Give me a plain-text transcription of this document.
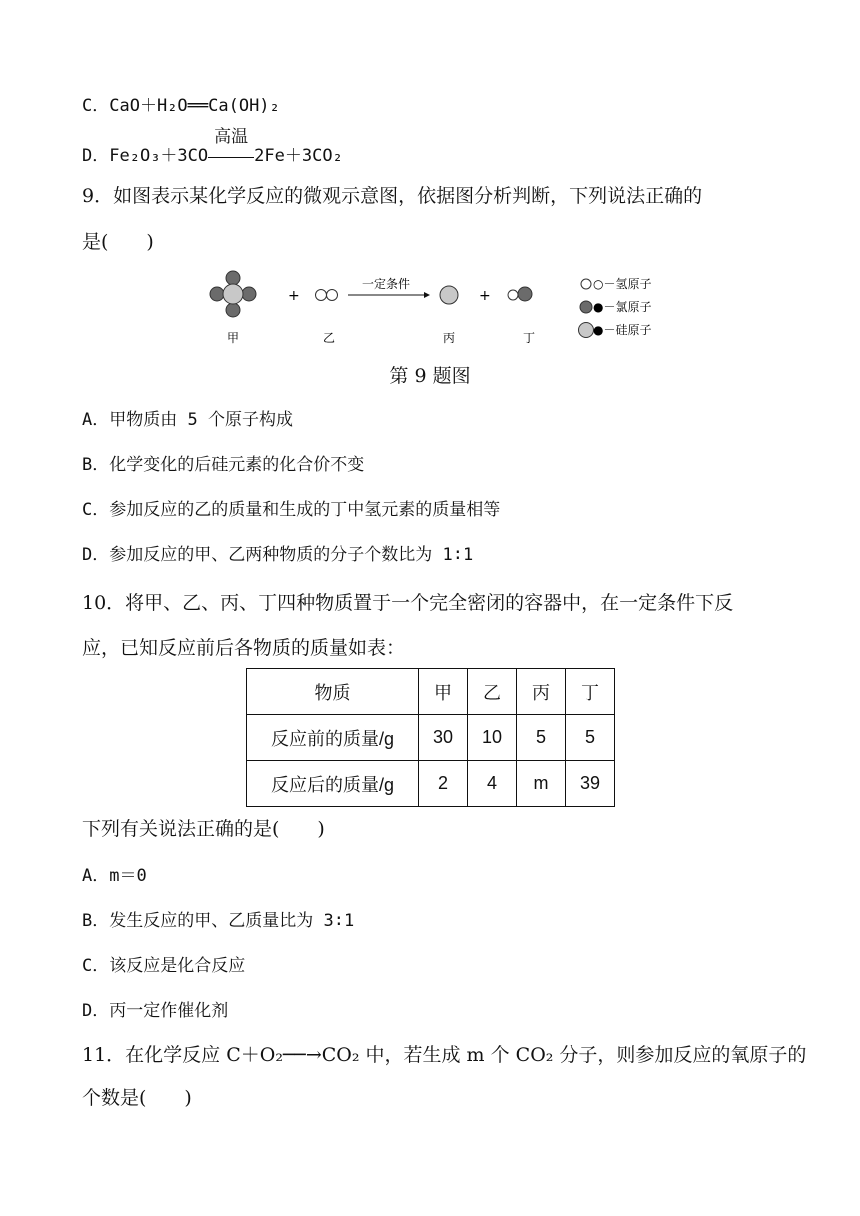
C．CaO＋H₂O══Ca(OH)₂
D．Fe₂O₃＋3CO
高温
2Fe＋3CO₂
9．如图表示某化学反应的微观示意图，依据图分析判断，下列说法正确的
是(　　)
+
一定条件
+
甲	乙	丙	丁
○－氢原子
●－氯原子
●－硅原子
第 9 题图
A．甲物质由 5 个原子构成
B．化学变化的后硅元素的化合价不变
C．参加反应的乙的质量和生成的丁中氢元素的质量相等
D．参加反应的甲、乙两种物质的分子个数比为 1∶1
10．将甲、乙、丙、丁四种物质置于一个完全密闭的容器中，在一定条件下反
应，已知反应前后各物质的质量如表：
物质	甲	乙	丙	丁
反应前的质量/g	30	10	5	5
反应后的质量/g	2	4	m	39
下列有关说法正确的是(　　)
A．m＝0
B．发生反应的甲、乙质量比为 3∶1
C．该反应是化合反应
D．丙一定作催化剂
11．在化学反应 C＋O₂──→CO₂ 中，若生成 m 个 CO₂ 分子，则参加反应的氧原子的
个数是(　　)
